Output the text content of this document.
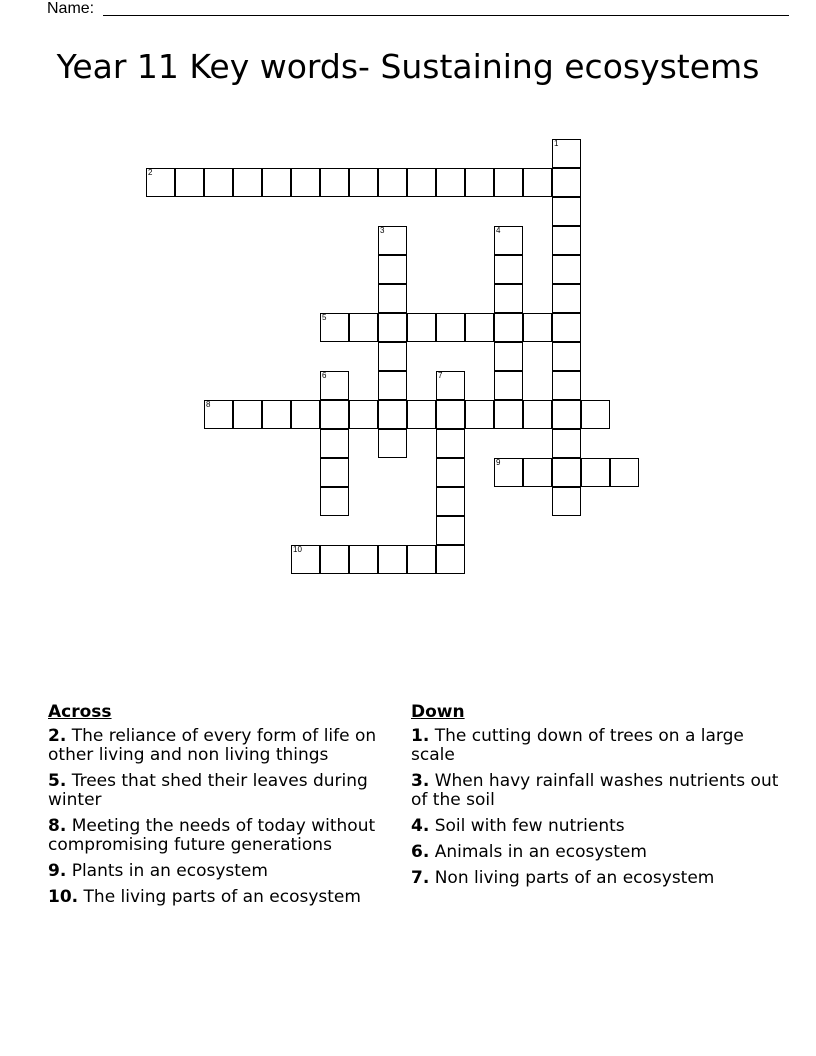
Name:
Year 11 Key words- Sustaining ecosystems
1
2
3	4
5
6	7
8
9
10
Across
2. The reliance of every form of life on other living and non living things
5. Trees that shed their leaves during winter
8. Meeting the needs of today without compromising future generations
9. Plants in an ecosystem
10. The living parts of an ecosystem
Down
1. The cutting down of trees on a large scale
3. When havy rainfall washes nutrients out of the soil
4. Soil with few nutrients
6. Animals in an ecosystem
7. Non living parts of an ecosystem
